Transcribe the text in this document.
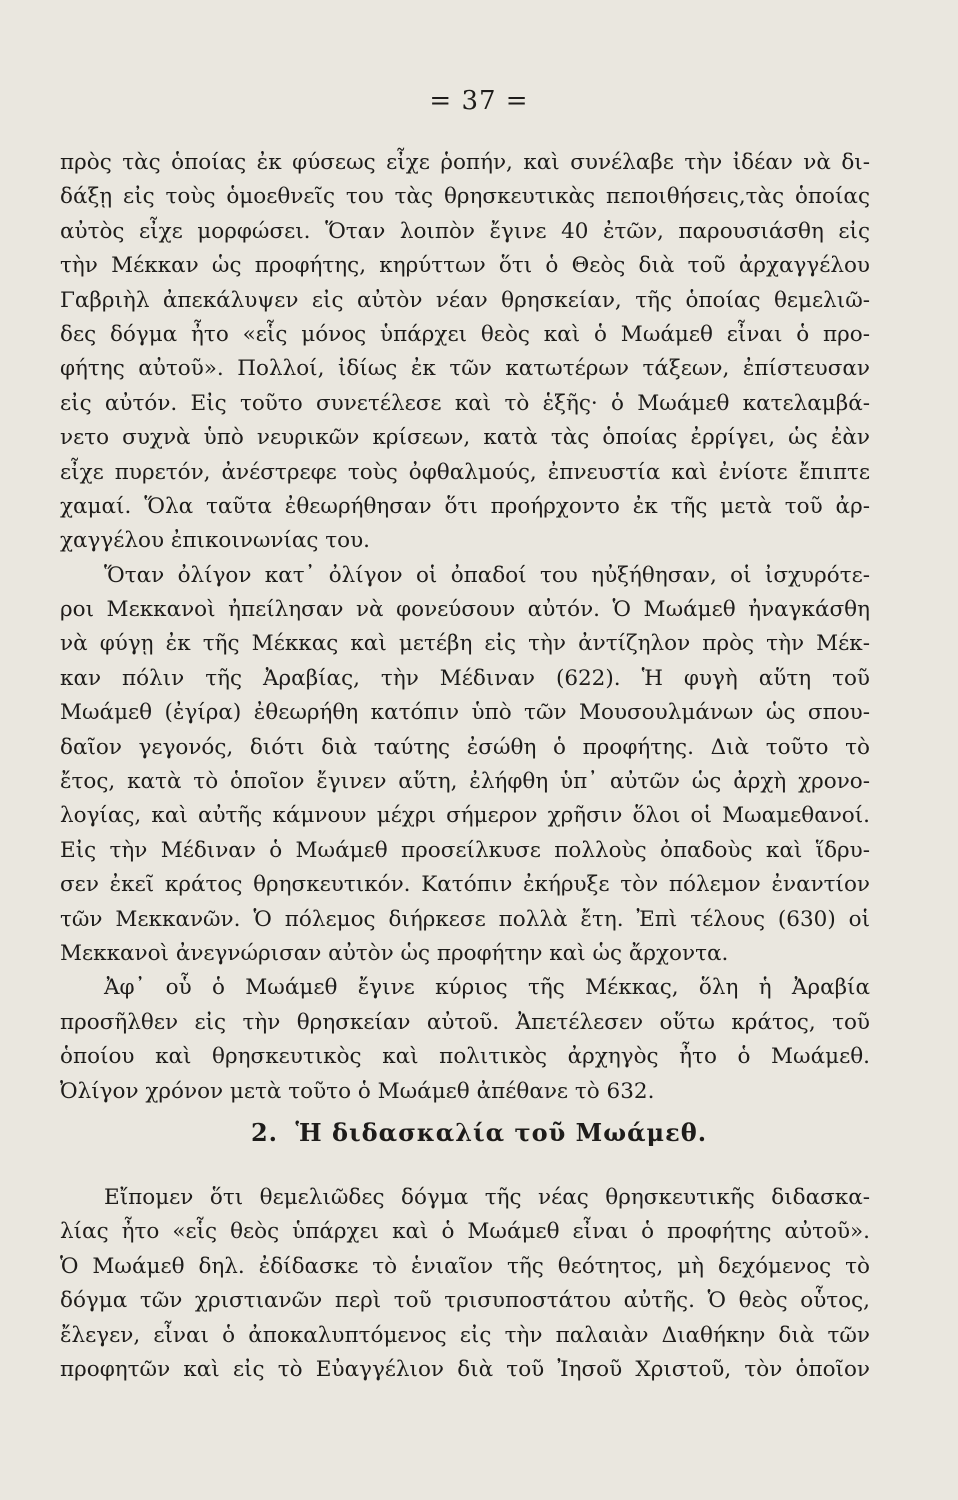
= 37 =
πρὸς τὰς ὁποίας ἐκ φύσεως εἶχε ῥοπήν, καὶ συνέλαβε τὴν ἰδέαν νὰ δι-
δάξῃ εἰς τοὺς ὁμοεθνεῖς του τὰς θρησκευτικὰς πεποιθήσεις,τὰς ὁποίας
αὐτὸς εἶχε μορφώσει. Ὅταν λοιπὸν ἔγινε 40 ἐτῶν, παρουσιάσθη εἰς
τὴν Μέκκαν ὡς προφήτης, κηρύττων ὅτι ὁ Θεὸς διὰ τοῦ ἀρχαγγέλου
Γαβριὴλ ἀπεκάλυψεν εἰς αὐτὸν νέαν θρησκείαν, τῆς ὁποίας θεμελιῶ-
δες δόγμα ἦτο «εἷς μόνος ὑπάρχει θεὸς καὶ ὁ Μωάμεθ εἶναι ὁ προ-
φήτης αὐτοῦ». Πολλοί, ἰδίως ἐκ τῶν κατωτέρων τάξεων, ἐπίστευσαν
εἰς αὐτόν. Εἰς τοῦτο συνετέλεσε καὶ τὸ ἑξῆς· ὁ Μωάμεθ κατελαμβά-
νετο συχνὰ ὑπὸ νευρικῶν κρίσεων, κατὰ τὰς ὁποίας ἐρρίγει, ὡς ἐὰν
εἶχε πυρετόν, ἀνέστρεφε τοὺς ὀφθαλμούς, ἐπνευστία καὶ ἐνίοτε ἔπιπτε
χαμαί. Ὅλα ταῦτα ἐθεωρήθησαν ὅτι προήρχοντο ἐκ τῆς μετὰ τοῦ ἀρ-
χαγγέλου ἐπικοινωνίας του.
Ὅταν ὀλίγον κατ᾽ ὀλίγον οἱ ὀπαδοί του ηὐξήθησαν, οἱ ἰσχυρότε-
ροι Μεκκανοὶ ἠπείλησαν νὰ φονεύσουν αὐτόν. Ὁ Μωάμεθ ἠναγκάσθη
νὰ φύγῃ ἐκ τῆς Μέκκας καὶ μετέβη εἰς τὴν ἀντίζηλον πρὸς τὴν Μέκ-
καν πόλιν τῆς Ἀραβίας, τὴν Μέδιναν (622). Ἡ φυγὴ αὕτη τοῦ
Μωάμεθ (ἐγίρα) ἐθεωρήθη κατόπιν ὑπὸ τῶν Μουσουλμάνων ὡς σπου-
δαῖον γεγονός, διότι διὰ ταύτης ἐσώθη ὁ προφήτης. Διὰ τοῦτο τὸ
ἔτος, κατὰ τὸ ὁποῖον ἔγινεν αὕτη, ἐλήφθη ὑπ᾽ αὐτῶν ὡς ἀρχὴ χρονο-
λογίας, καὶ αὐτῆς κάμνουν μέχρι σήμερον χρῆσιν ὅλοι οἱ Μωαμεθανοί.
Εἰς τὴν Μέδιναν ὁ Μωάμεθ προσείλκυσε πολλοὺς ὀπαδοὺς καὶ ἵδρυ-
σεν ἐκεῖ κράτος θρησκευτικόν. Κατόπιν ἐκήρυξε τὸν πόλεμον ἐναντίον
τῶν Μεκκανῶν. Ὁ πόλεμος διήρκεσε πολλὰ ἔτη. Ἐπὶ τέλους (630) οἱ
Μεκκανοὶ ἀνεγνώρισαν αὐτὸν ὡς προφήτην καὶ ὡς ἄρχοντα.
Ἀφ᾽ οὗ ὁ Μωάμεθ ἔγινε κύριος τῆς Μέκκας, ὅλη ἡ Ἀραβία
προσῆλθεν εἰς τὴν θρησκείαν αὐτοῦ. Ἀπετέλεσεν οὕτω κράτος, τοῦ
ὁποίου καὶ θρησκευτικὸς καὶ πολιτικὸς ἀρχηγὸς ἦτο ὁ Μωάμεθ.
Ὀλίγον χρόνον μετὰ τοῦτο ὁ Μωάμεθ ἀπέθανε τὸ 632.
2. Ἡ διδασκαλία τοῦ Μωάμεθ.
Εἴπομεν ὅτι θεμελιῶδες δόγμα τῆς νέας θρησκευτικῆς διδασκα-
λίας ἦτο «εἷς θεὸς ὑπάρχει καὶ ὁ Μωάμεθ εἶναι ὁ προφήτης αὐτοῦ».
Ὁ Μωάμεθ δηλ. ἐδίδασκε τὸ ἑνιαῖον τῆς θεότητος, μὴ δεχόμενος τὸ
δόγμα τῶν χριστιανῶν περὶ τοῦ τρισυποστάτου αὐτῆς. Ὁ θεὸς οὗτος,
ἔλεγεν, εἶναι ὁ ἀποκαλυπτόμενος εἰς τὴν παλαιὰν Διαθήκην διὰ τῶν
προφητῶν καὶ εἰς τὸ Εὐαγγέλιον διὰ τοῦ Ἰησοῦ Χριστοῦ, τὸν ὁποῖον
